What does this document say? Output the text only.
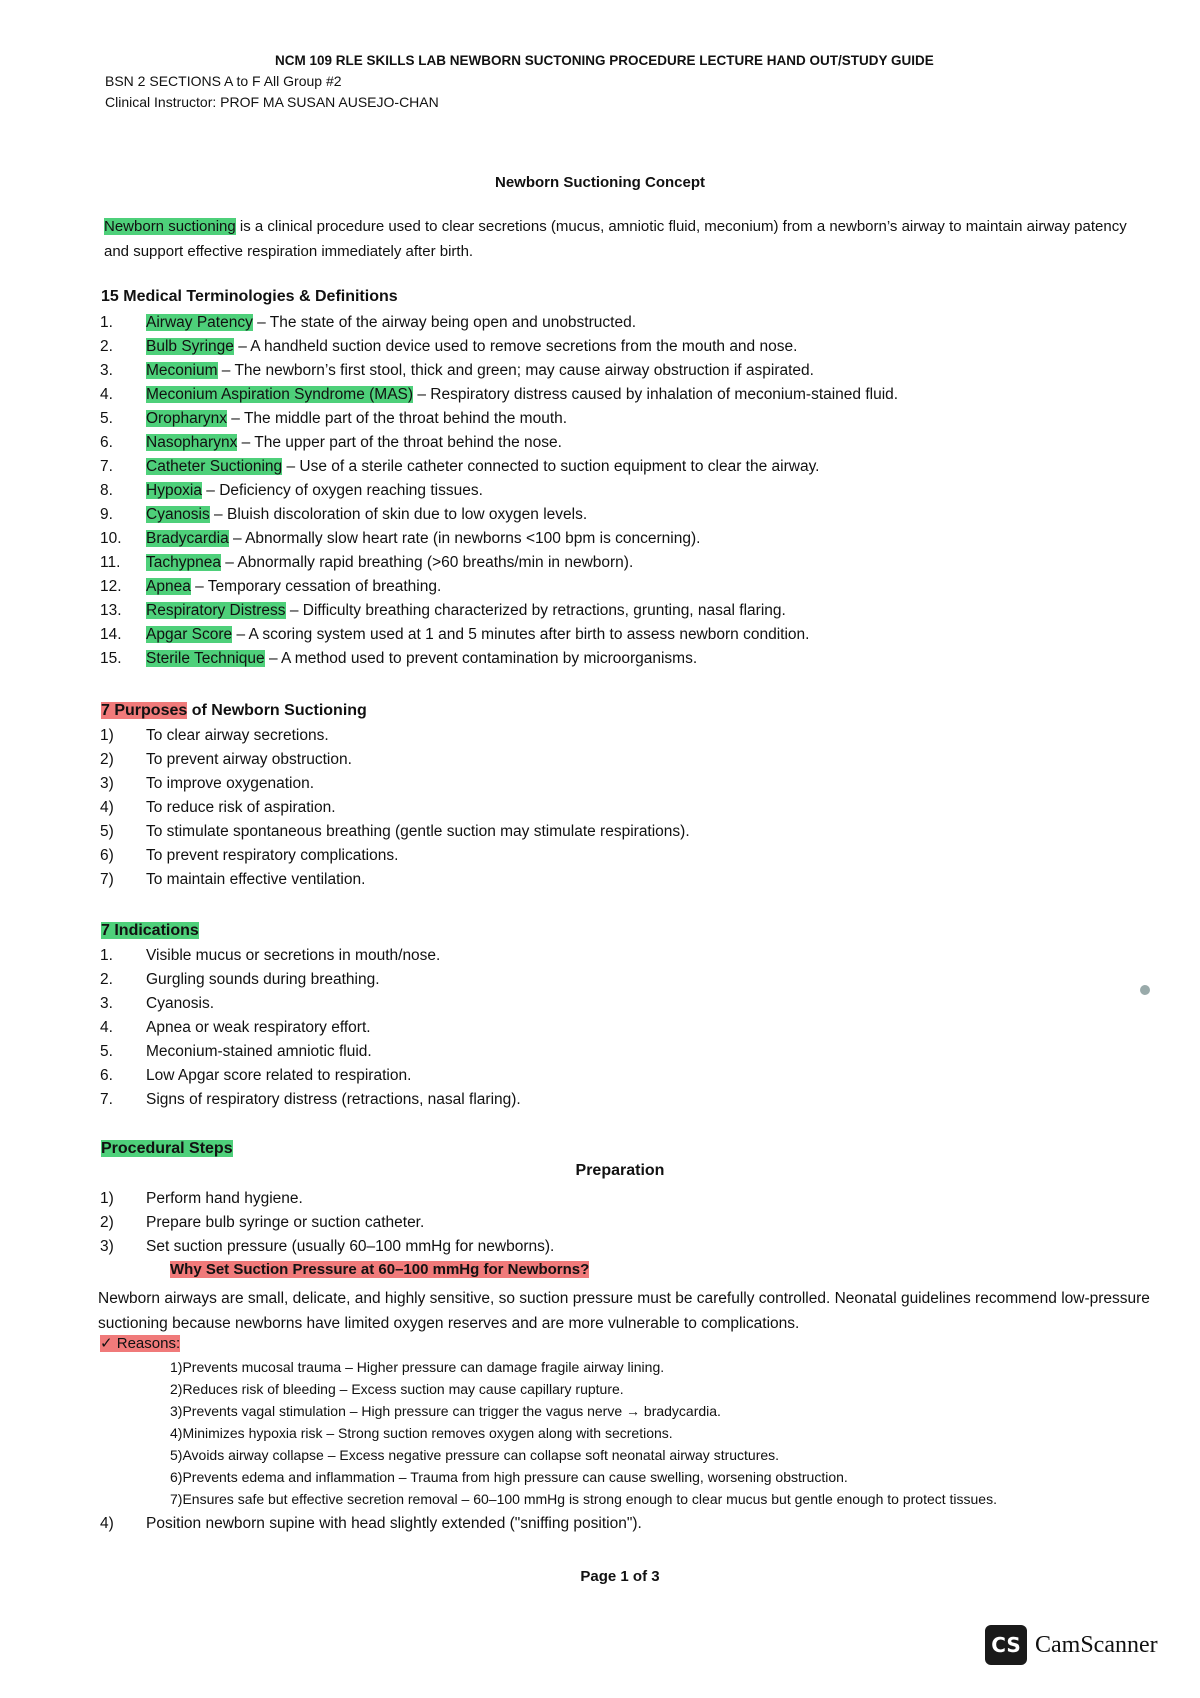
NCM 109 RLE SKILLS LAB NEWBORN SUCTONING PROCEDURE LECTURE HAND OUT/STUDY GUIDE
BSN 2 SECTIONS A to F All Group #2
Clinical Instructor: PROF MA SUSAN AUSEJO-CHAN
Newborn Suctioning Concept
Newborn suctioning is a clinical procedure used to clear secretions (mucus, amniotic fluid, meconium) from a newborn’s airway to maintain airway patency and support effective respiration immediately after birth.
15 Medical Terminologies & Definitions
1.	Airway Patency – The state of the airway being open and unobstructed.
2.	Bulb Syringe – A handheld suction device used to remove secretions from the mouth and nose.
3.	Meconium – The newborn’s first stool, thick and green; may cause airway obstruction if aspirated.
4.	Meconium Aspiration Syndrome (MAS) – Respiratory distress caused by inhalation of meconium-stained fluid.
5.	Oropharynx – The middle part of the throat behind the mouth.
6.	Nasopharynx – The upper part of the throat behind the nose.
7.	Catheter Suctioning – Use of a sterile catheter connected to suction equipment to clear the airway.
8.	Hypoxia – Deficiency of oxygen reaching tissues.
9.	Cyanosis – Bluish discoloration of skin due to low oxygen levels.
10.	Bradycardia – Abnormally slow heart rate (in newborns <100 bpm is concerning).
11.	Tachypnea – Abnormally rapid breathing (>60 breaths/min in newborn).
12.	Apnea – Temporary cessation of breathing.
13.	Respiratory Distress – Difficulty breathing characterized by retractions, grunting, nasal flaring.
14.	Apgar Score – A scoring system used at 1 and 5 minutes after birth to assess newborn condition.
15.	Sterile Technique – A method used to prevent contamination by microorganisms.
7 Purposes of Newborn Suctioning
1)	To clear airway secretions.
2)	To prevent airway obstruction.
3)	To improve oxygenation.
4)	To reduce risk of aspiration.
5)	To stimulate spontaneous breathing (gentle suction may stimulate respirations).
6)	To prevent respiratory complications.
7)	To maintain effective ventilation.
7 Indications
1.	Visible mucus or secretions in mouth/nose.
2.	Gurgling sounds during breathing.
3.	Cyanosis.
4.	Apnea or weak respiratory effort.
5.	Meconium-stained amniotic fluid.
6.	Low Apgar score related to respiration.
7.	Signs of respiratory distress (retractions, nasal flaring).
Procedural Steps
Preparation
1)	Perform hand hygiene.
2)	Prepare bulb syringe or suction catheter.
3)	Set suction pressure (usually 60–100 mmHg for newborns).
Why Set Suction Pressure at 60–100 mmHg for Newborns?
Newborn airways are small, delicate, and highly sensitive, so suction pressure must be carefully controlled. Neonatal guidelines recommend low-pressure suctioning because newborns have limited oxygen reserves and are more vulnerable to complications.
✓ Reasons:
1)Prevents mucosal trauma – Higher pressure can damage fragile airway lining.
2)Reduces risk of bleeding – Excess suction may cause capillary rupture.
3)Prevents vagal stimulation – High pressure can trigger the vagus nerve → bradycardia.
4)Minimizes hypoxia risk – Strong suction removes oxygen along with secretions.
5)Avoids airway collapse – Excess negative pressure can collapse soft neonatal airway structures.
6)Prevents edema and inflammation – Trauma from high pressure can cause swelling, worsening obstruction.
7)Ensures safe but effective secretion removal – 60–100 mmHg is strong enough to clear mucus but gentle enough to protect tissues.
4)	Position newborn supine with head slightly extended ("sniffing position").
Page 1 of 3
CS CamScanner
